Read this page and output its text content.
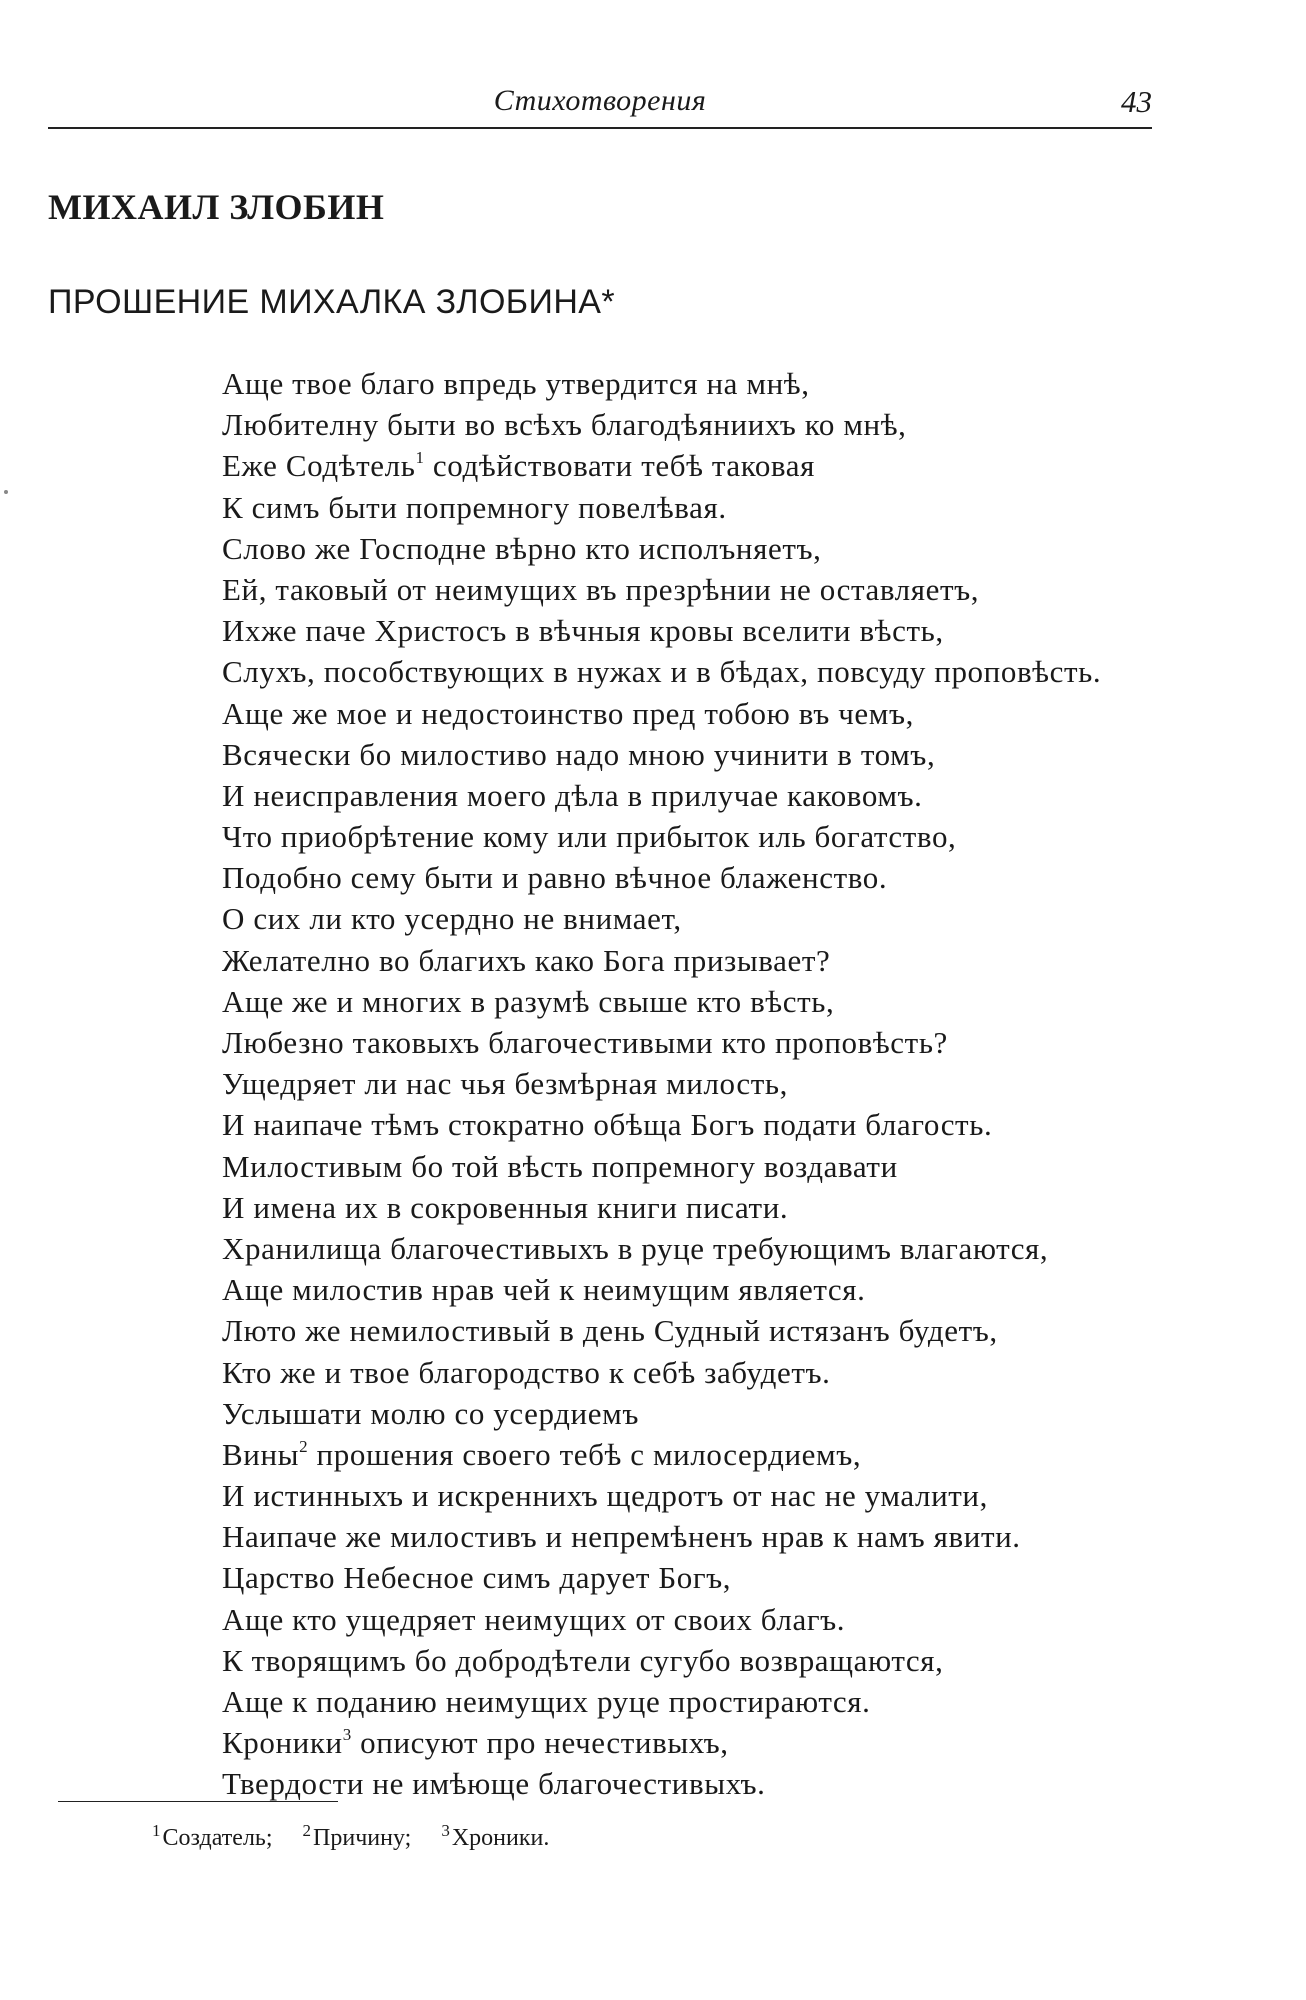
Стихотворения	43
МИХАИЛ ЗЛОБИН
ПРОШЕНИЕ МИХАЛКА ЗЛОБИНА*
Аще твое благо впредь утвердится на мнѣ,
Любителну быти во всѣхъ благодѣяниихъ ко мнѣ,
Еже Содѣтель$^1$ содѣйствовати тебѣ таковая
К симъ быти попремногу повелѣвая.
Слово же Господне вѣрно кто исполъняетъ,
Ей, таковый от неимущих въ презрѣнии не оставляетъ,
Ихже паче Христосъ в вѣчныя кровы вселити вѣсть,
Слухъ, пособствующих в нужах и в бѣдах, повсуду проповѣсть.
Аще же мое и недостоинство пред тобою въ чемъ,
Всячески бо милостиво надо мною учинити в томъ,
И неисправления моего дѣла в прилучае каковомъ.
Что приобрѣтение кому или прибыток иль богатство,
Подобно сему быти и равно вѣчное блаженство.
О сих ли кто усердно не внимает,
Желателно во благихъ како Бога призывает?
Аще же и многих в разумѣ свыше кто вѣсть,
Любезно таковыхъ благочестивыми кто проповѣсть?
Ущедряет ли нас чья безмѣрная милость,
И наипаче тѣмъ стократно обѣща Богъ подати благость.
Милостивым бо той вѣсть попремногу воздавати
И имена их в сокровенныя книги писати.
Хранилища благочестивыхъ в руце требующимъ влагаются,
Аще милостив нрав чей к неимущим является.
Люто же немилостивый в день Судный истязанъ будетъ,
Кто же и твое благородство к себѣ забудетъ.
Услышати молю со усердиемъ
Вины$^2$ прошения своего тебѣ с милосердиемъ,
И истинныхъ и искреннихъ щедротъ от нас не умалити,
Наипаче же милостивъ и непремѣненъ нрав к намъ явити.
Царство Небесное симъ дарует Богъ,
Аще кто ущедряет неимущих от своих благъ.
К творящимъ бо добродѣтели сугубо возвращаются,
Аще к поданию неимущих руце простираются.
Кроники$^3$ описуют про нечестивыхъ,
Твердости не имѣюще благочестивыхъ.
$^1$Создатель; $^2$Причину; $^3$Хроники.
